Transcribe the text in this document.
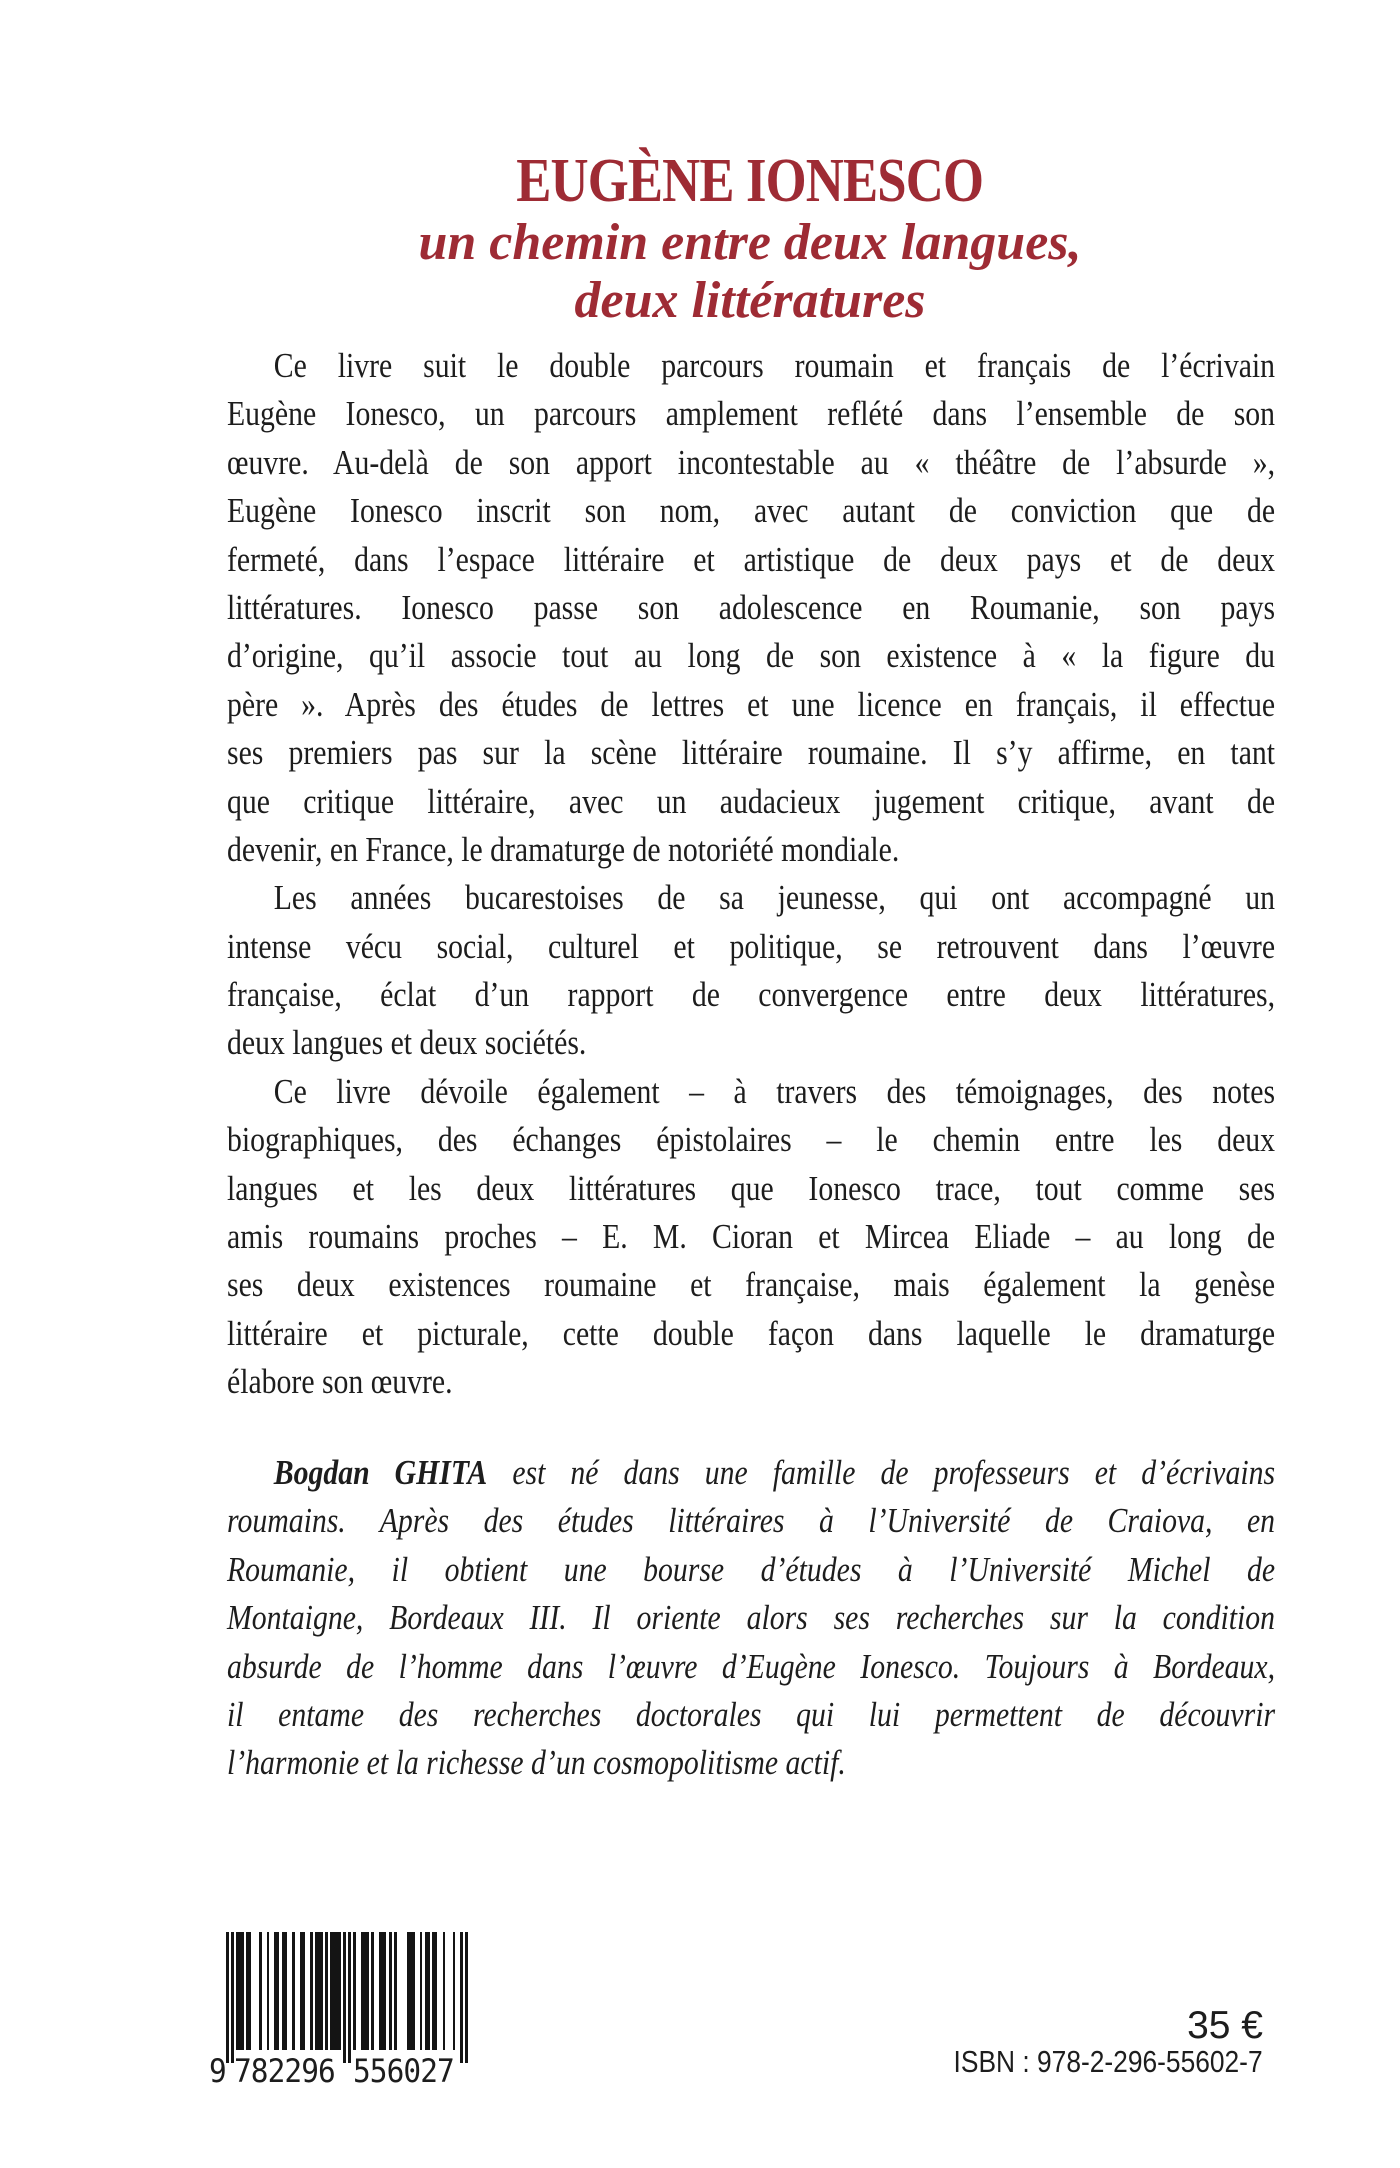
EUGÈNE IONESCO
un chemin entre deux langues,
deux littératures
Ce livre suit le double parcours roumain et français de l’écrivain
Eugène Ionesco, un parcours amplement reflété dans l’ensemble de son
œuvre. Au-delà de son apport incontestable au « théâtre de l’absurde »,
Eugène Ionesco inscrit son nom, avec autant de conviction que de
fermeté, dans l’espace littéraire et artistique de deux pays et de deux
littératures. Ionesco passe son adolescence en Roumanie, son pays
d’origine, qu’il associe tout au long de son existence à « la figure du
père ». Après des études de lettres et une licence en français, il effectue
ses premiers pas sur la scène littéraire roumaine. Il s’y affirme, en tant
que critique littéraire, avec un audacieux jugement critique, avant de
devenir, en France, le dramaturge de notoriété mondiale.
Les années bucarestoises de sa jeunesse, qui ont accompagné un
intense vécu social, culturel et politique, se retrouvent dans l’œuvre
française, éclat d’un rapport de convergence entre deux littératures,
deux langues et deux sociétés.
Ce livre dévoile également – à travers des témoignages, des notes
biographiques, des échanges épistolaires – le chemin entre les deux
langues et les deux littératures que Ionesco trace, tout comme ses
amis roumains proches – E. M. Cioran et Mircea Eliade – au long de
ses deux existences roumaine et française, mais également la genèse
littéraire et picturale, cette double façon dans laquelle le dramaturge
élabore son œuvre.
Bogdan GHITA est né dans une famille de professeurs et d’écrivains
roumains. Après des études littéraires à l’Université de Craiova, en
Roumanie, il obtient une bourse d’études à l’Université Michel de
Montaigne, Bordeaux III. Il oriente alors ses recherches sur la condition
absurde de l’homme dans l’œuvre d’Eugène Ionesco. Toujours à Bordeaux,
il entame des recherches doctorales qui lui permettent de découvrir
l’harmonie et la richesse d’un cosmopolitisme actif.
9 782296 556027
35 €
ISBN : 978-2-296-55602-7
